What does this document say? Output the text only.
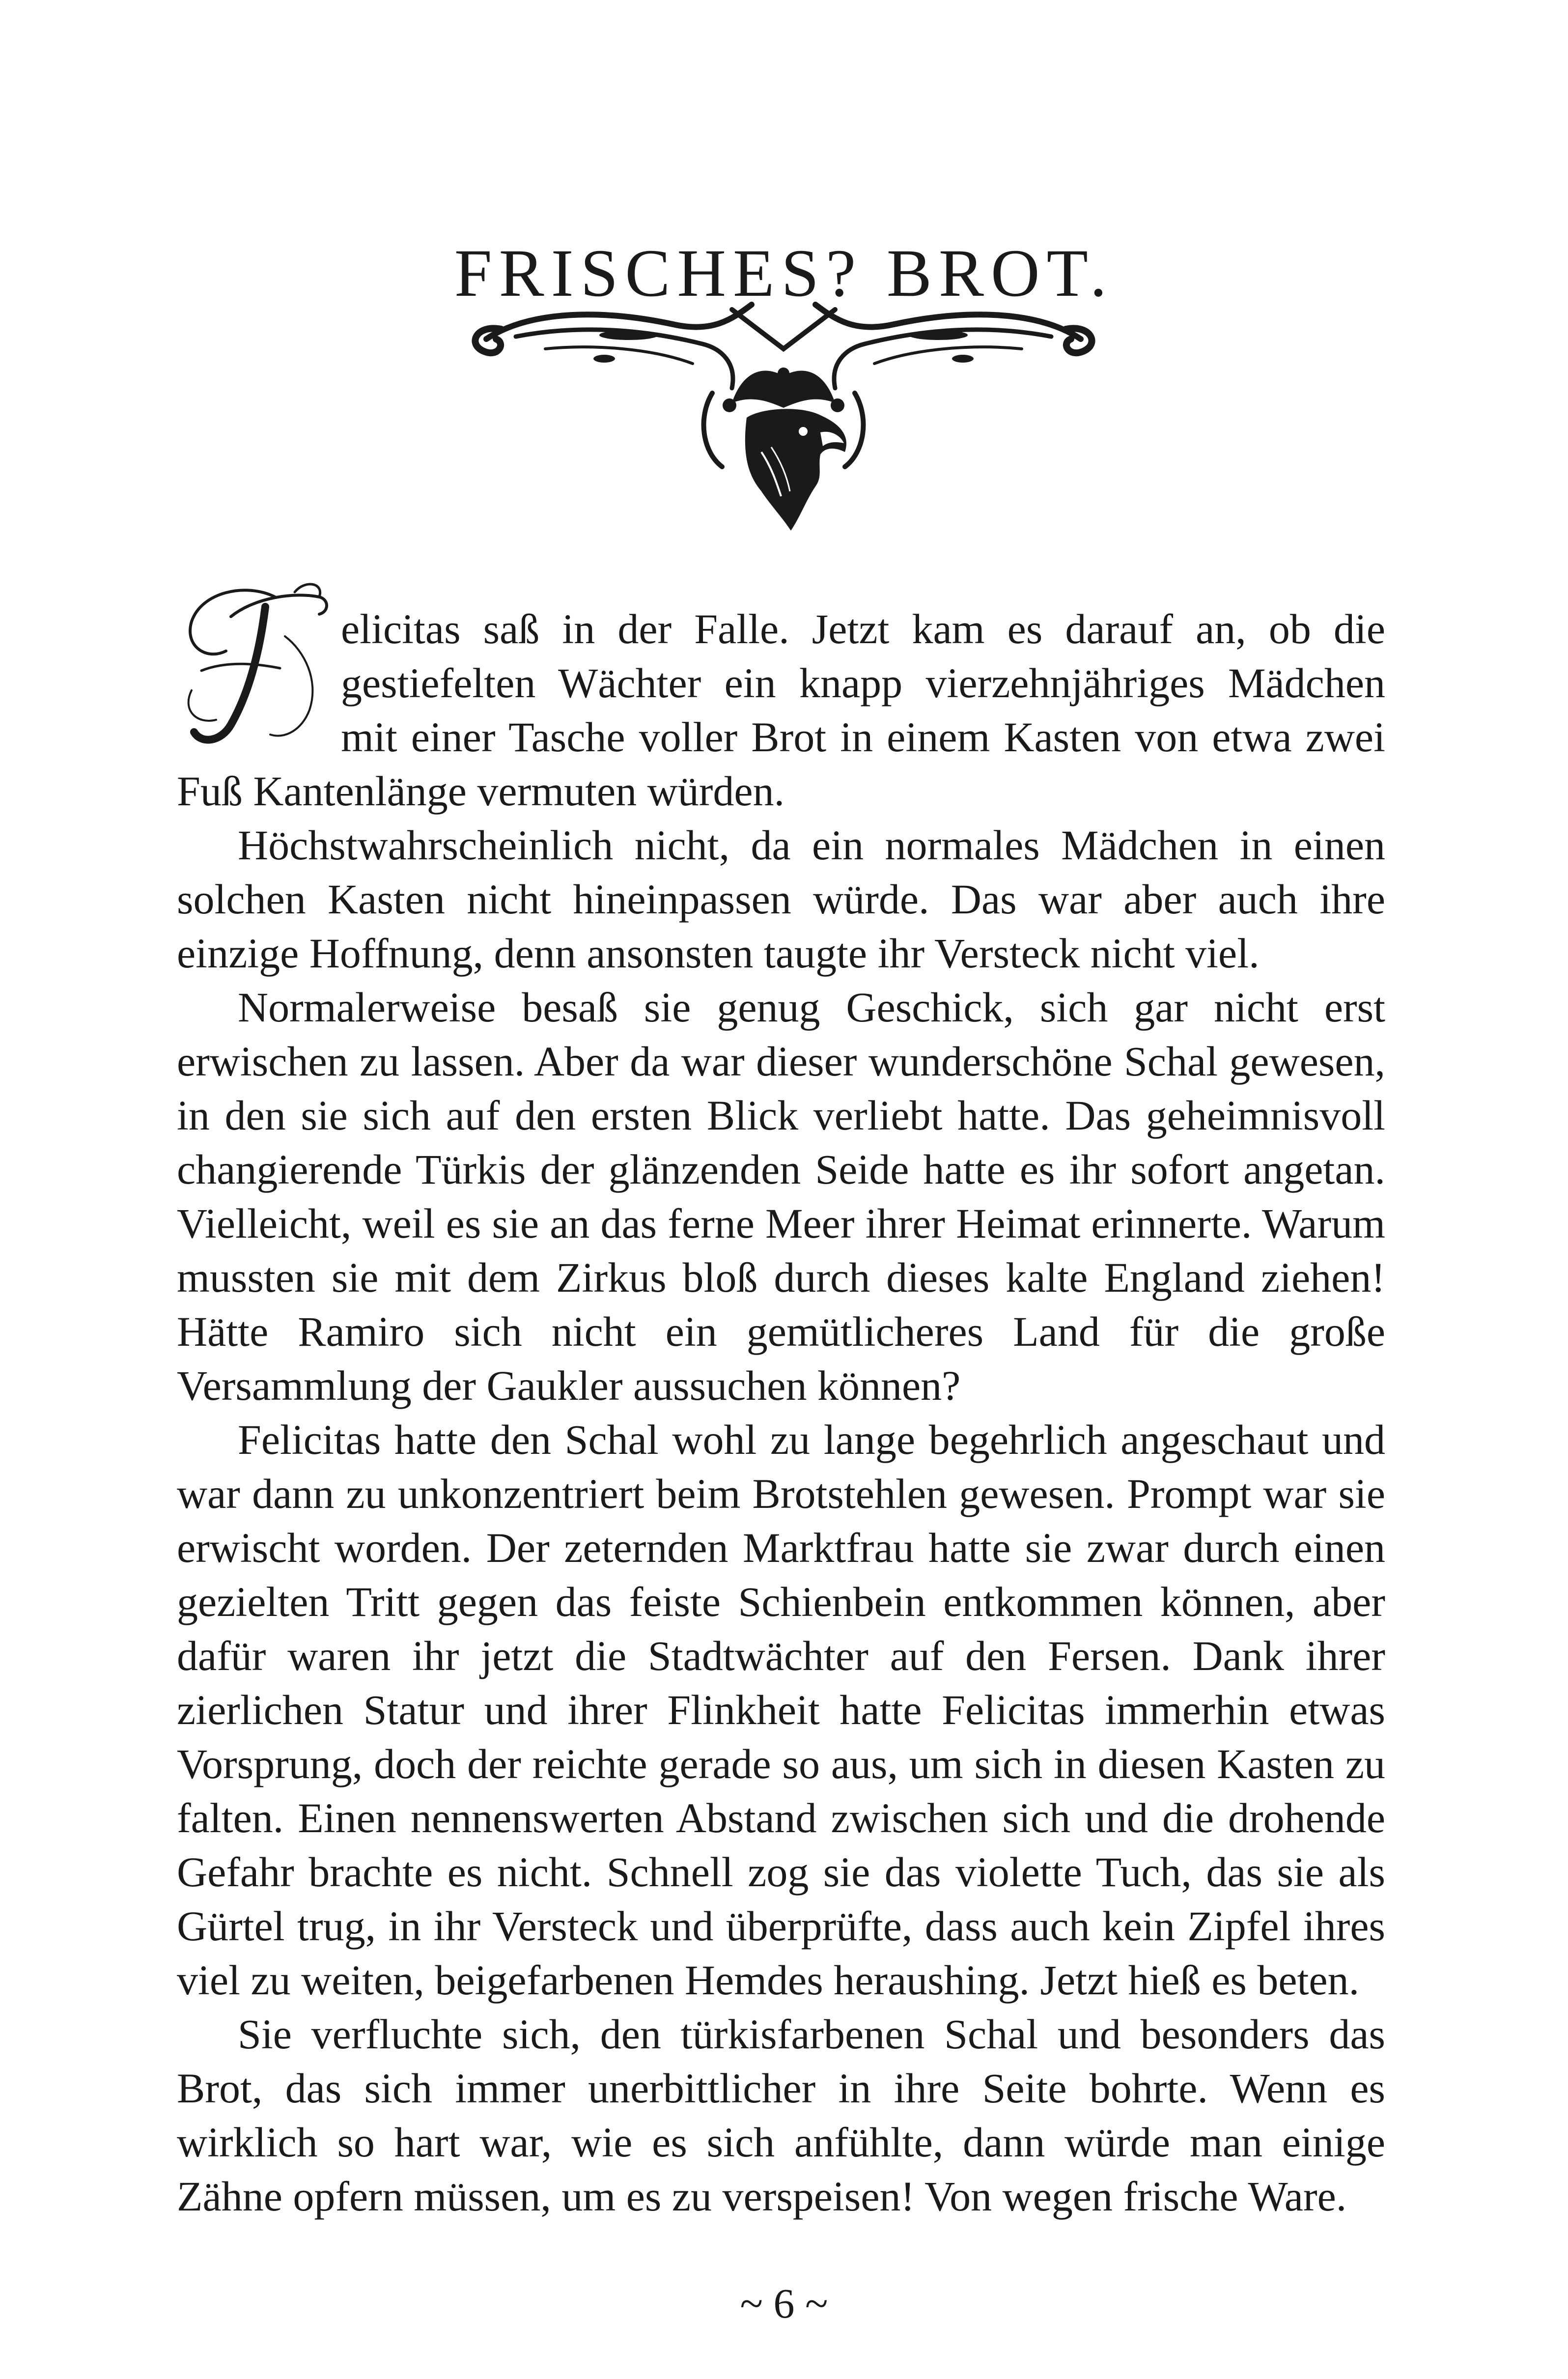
FRISCHES? BROT.

elicitas saß in der Falle. Jetzt kam es darauf an, ob die gestiefelten Wächter ein knapp vierzehnjähriges Mädchen mit einer Tasche voller Brot in einem Kasten von etwa zwei Fuß Kantenlänge vermuten würden.

Höchstwahrscheinlich nicht, da ein normales Mädchen in einen solchen Kasten nicht hineinpassen würde. Das war aber auch ihre einzige Hoffnung, denn ansonsten taugte ihr Versteck nicht viel.

Normalerweise besaß sie genug Geschick, sich gar nicht erst erwischen zu lassen. Aber da war dieser wunderschöne Schal gewesen, in den sie sich auf den ersten Blick verliebt hatte. Das geheimnisvoll changierende Türkis der glänzenden Seide hatte es ihr sofort angetan. Vielleicht, weil es sie an das ferne Meer ihrer Heimat erinnerte. Warum mussten sie mit dem Zirkus bloß durch dieses kalte England ziehen! Hätte Ramiro sich nicht ein gemütlicheres Land für die große Versammlung der Gaukler aussuchen können?

Felicitas hatte den Schal wohl zu lange begehrlich angeschaut und war dann zu unkonzentriert beim Brotstehlen gewesen. Prompt war sie erwischt worden. Der zeternden Marktfrau hatte sie zwar durch einen gezielten Tritt gegen das feiste Schienbein entkommen können, aber dafür waren ihr jetzt die Stadtwächter auf den Fersen. Dank ihrer zierlichen Statur und ihrer Flinkheit hatte Felicitas immerhin etwas Vorsprung, doch der reichte gerade so aus, um sich in diesen Kasten zu falten. Einen nennenswerten Abstand zwischen sich und die drohende Gefahr brachte es nicht. Schnell zog sie das violette Tuch, das sie als Gürtel trug, in ihr Versteck und überprüfte, dass auch kein Zipfel ihres viel zu weiten, beigefarbenen Hemdes heraushing. Jetzt hieß es beten.

Sie verfluchte sich, den türkisfarbenen Schal und besonders das Brot, das sich immer unerbittlicher in ihre Seite bohrte. Wenn es wirklich so hart war, wie es sich anfühlte, dann würde man einige Zähne opfern müssen, um es zu verspeisen! Von wegen frische Ware.

~ 6 ~
